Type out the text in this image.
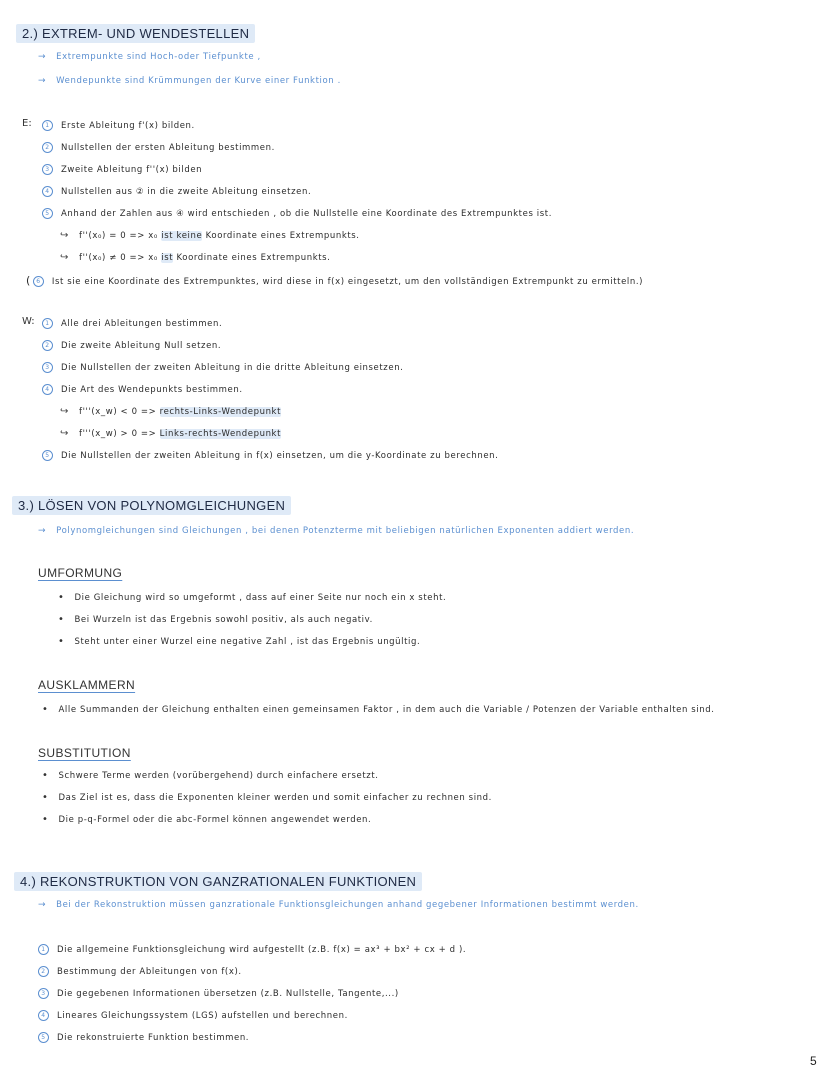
2.) EXTREM- UND WENDESTELLEN
→ Extrempunkte sind Hoch-oder Tiefpunkte ,
→ Wendepunkte sind Krümmungen der Kurve einer Funktion .
E:	1 Erste Ableitung f'(x) bilden.
2 Nullstellen der ersten Ableitung bestimmen.
3 Zweite Ableitung f''(x) bilden
4 Nullstellen aus ② in die zweite Ableitung einsetzen.
5 Anhand der Zahlen aus ④ wird entschieden , ob die Nullstelle eine Koordinate des Extrempunktes ist.
↪ f''(x₀) = 0 => x₀ ist keine Koordinate eines Extrempunkts.
↪ f''(x₀) ≠ 0 => x₀ ist Koordinate eines Extrempunkts.
( 6 Ist sie eine Koordinate des Extrempunktes, wird diese in f(x) eingesetzt, um den vollständigen Extrempunkt zu ermitteln.)
W:	1 Alle drei Ableitungen bestimmen.
2 Die zweite Ableitung Null setzen.
3 Die Nullstellen der zweiten Ableitung in die dritte Ableitung einsetzen.
4 Die Art des Wendepunkts bestimmen.
↪ f'''(x_w) < 0 => rechts-Links-Wendepunkt
↪ f'''(x_w) > 0 => Links-rechts-Wendepunkt
5 Die Nullstellen der zweiten Ableitung in f(x) einsetzen, um die y-Koordinate zu berechnen.
3.) LÖSEN VON POLYNOMGLEICHUNGEN
→ Polynomgleichungen sind Gleichungen , bei denen Potenzterme mit beliebigen natürlichen Exponenten addiert werden.
UMFORMUNG
• Die Gleichung wird so umgeformt , dass auf einer Seite nur noch ein x steht.
• Bei Wurzeln ist das Ergebnis sowohl positiv, als auch negativ.
• Steht unter einer Wurzel eine negative Zahl , ist das Ergebnis ungültig.
AUSKLAMMERN
• Alle Summanden der Gleichung enthalten einen gemeinsamen Faktor , in dem auch die Variable / Potenzen der Variable enthalten sind.
SUBSTITUTION
• Schwere Terme werden (vorübergehend) durch einfachere ersetzt.
• Das Ziel ist es, dass die Exponenten kleiner werden und somit einfacher zu rechnen sind.
• Die p-q-Formel oder die abc-Formel können angewendet werden.
4.) REKONSTRUKTION VON GANZRATIONALEN FUNKTIONEN
→ Bei der Rekonstruktion müssen ganzrationale Funktionsgleichungen anhand gegebener Informationen bestimmt werden.
1 Die allgemeine Funktionsgleichung wird aufgestellt (z.B. f(x) = ax³ + bx² + cx + d ).
2 Bestimmung der Ableitungen von f(x).
3 Die gegebenen Informationen übersetzen (z.B. Nullstelle, Tangente,...)
4 Lineares Gleichungssystem (LGS) aufstellen und berechnen.
5 Die rekonstruierte Funktion bestimmen.
5
